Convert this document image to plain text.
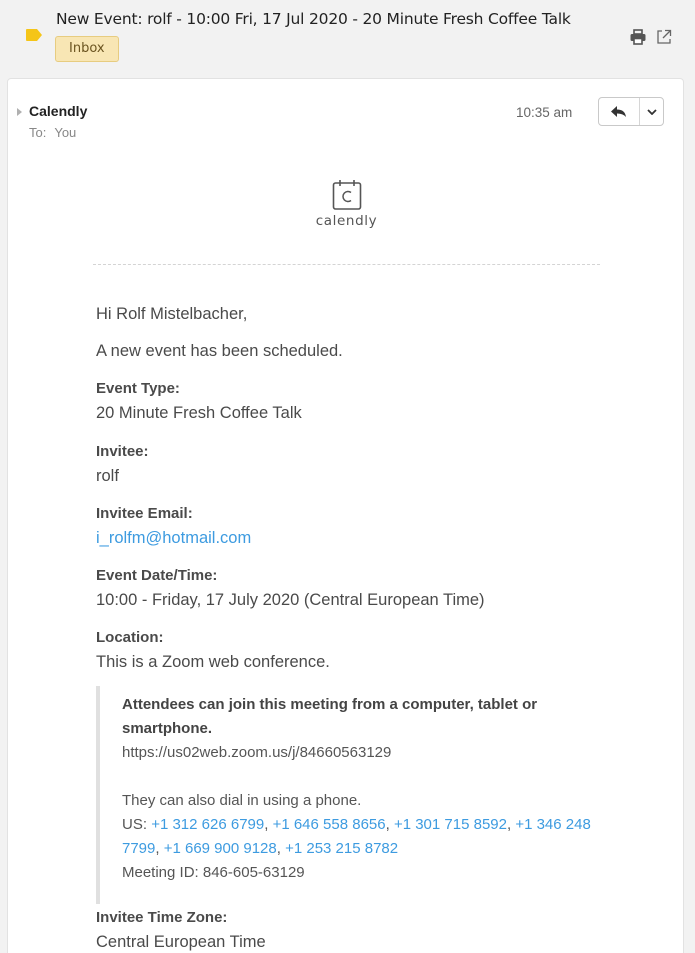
New Event: rolf - 10:00 Fri, 17 Jul 2020 - 20 Minute Fresh Coffee Talk
Inbox
Calendly
To: You
10:35 am
calendly
Hi Rolf Mistelbacher,
A new event has been scheduled.
Event Type:
20 Minute Fresh Coffee Talk
Invitee:
rolf
Invitee Email:
i_rolfm@hotmail.com
Event Date/Time:
10:00 - Friday, 17 July 2020 (Central European Time)
Location:
This is a Zoom web conference.
Invitee Time Zone:
Central European Time
Attendees can join this meeting from a computer, tablet or
smartphone.
https://us02web.zoom.us/j/84660563129
They can also dial in using a phone.
US: +1 312 626 6799, +1 646 558 8656, +1 301 715 8592, +1 346 248
7799, +1 669 900 9128, +1 253 215 8782
Meeting ID: 846-605-63129
